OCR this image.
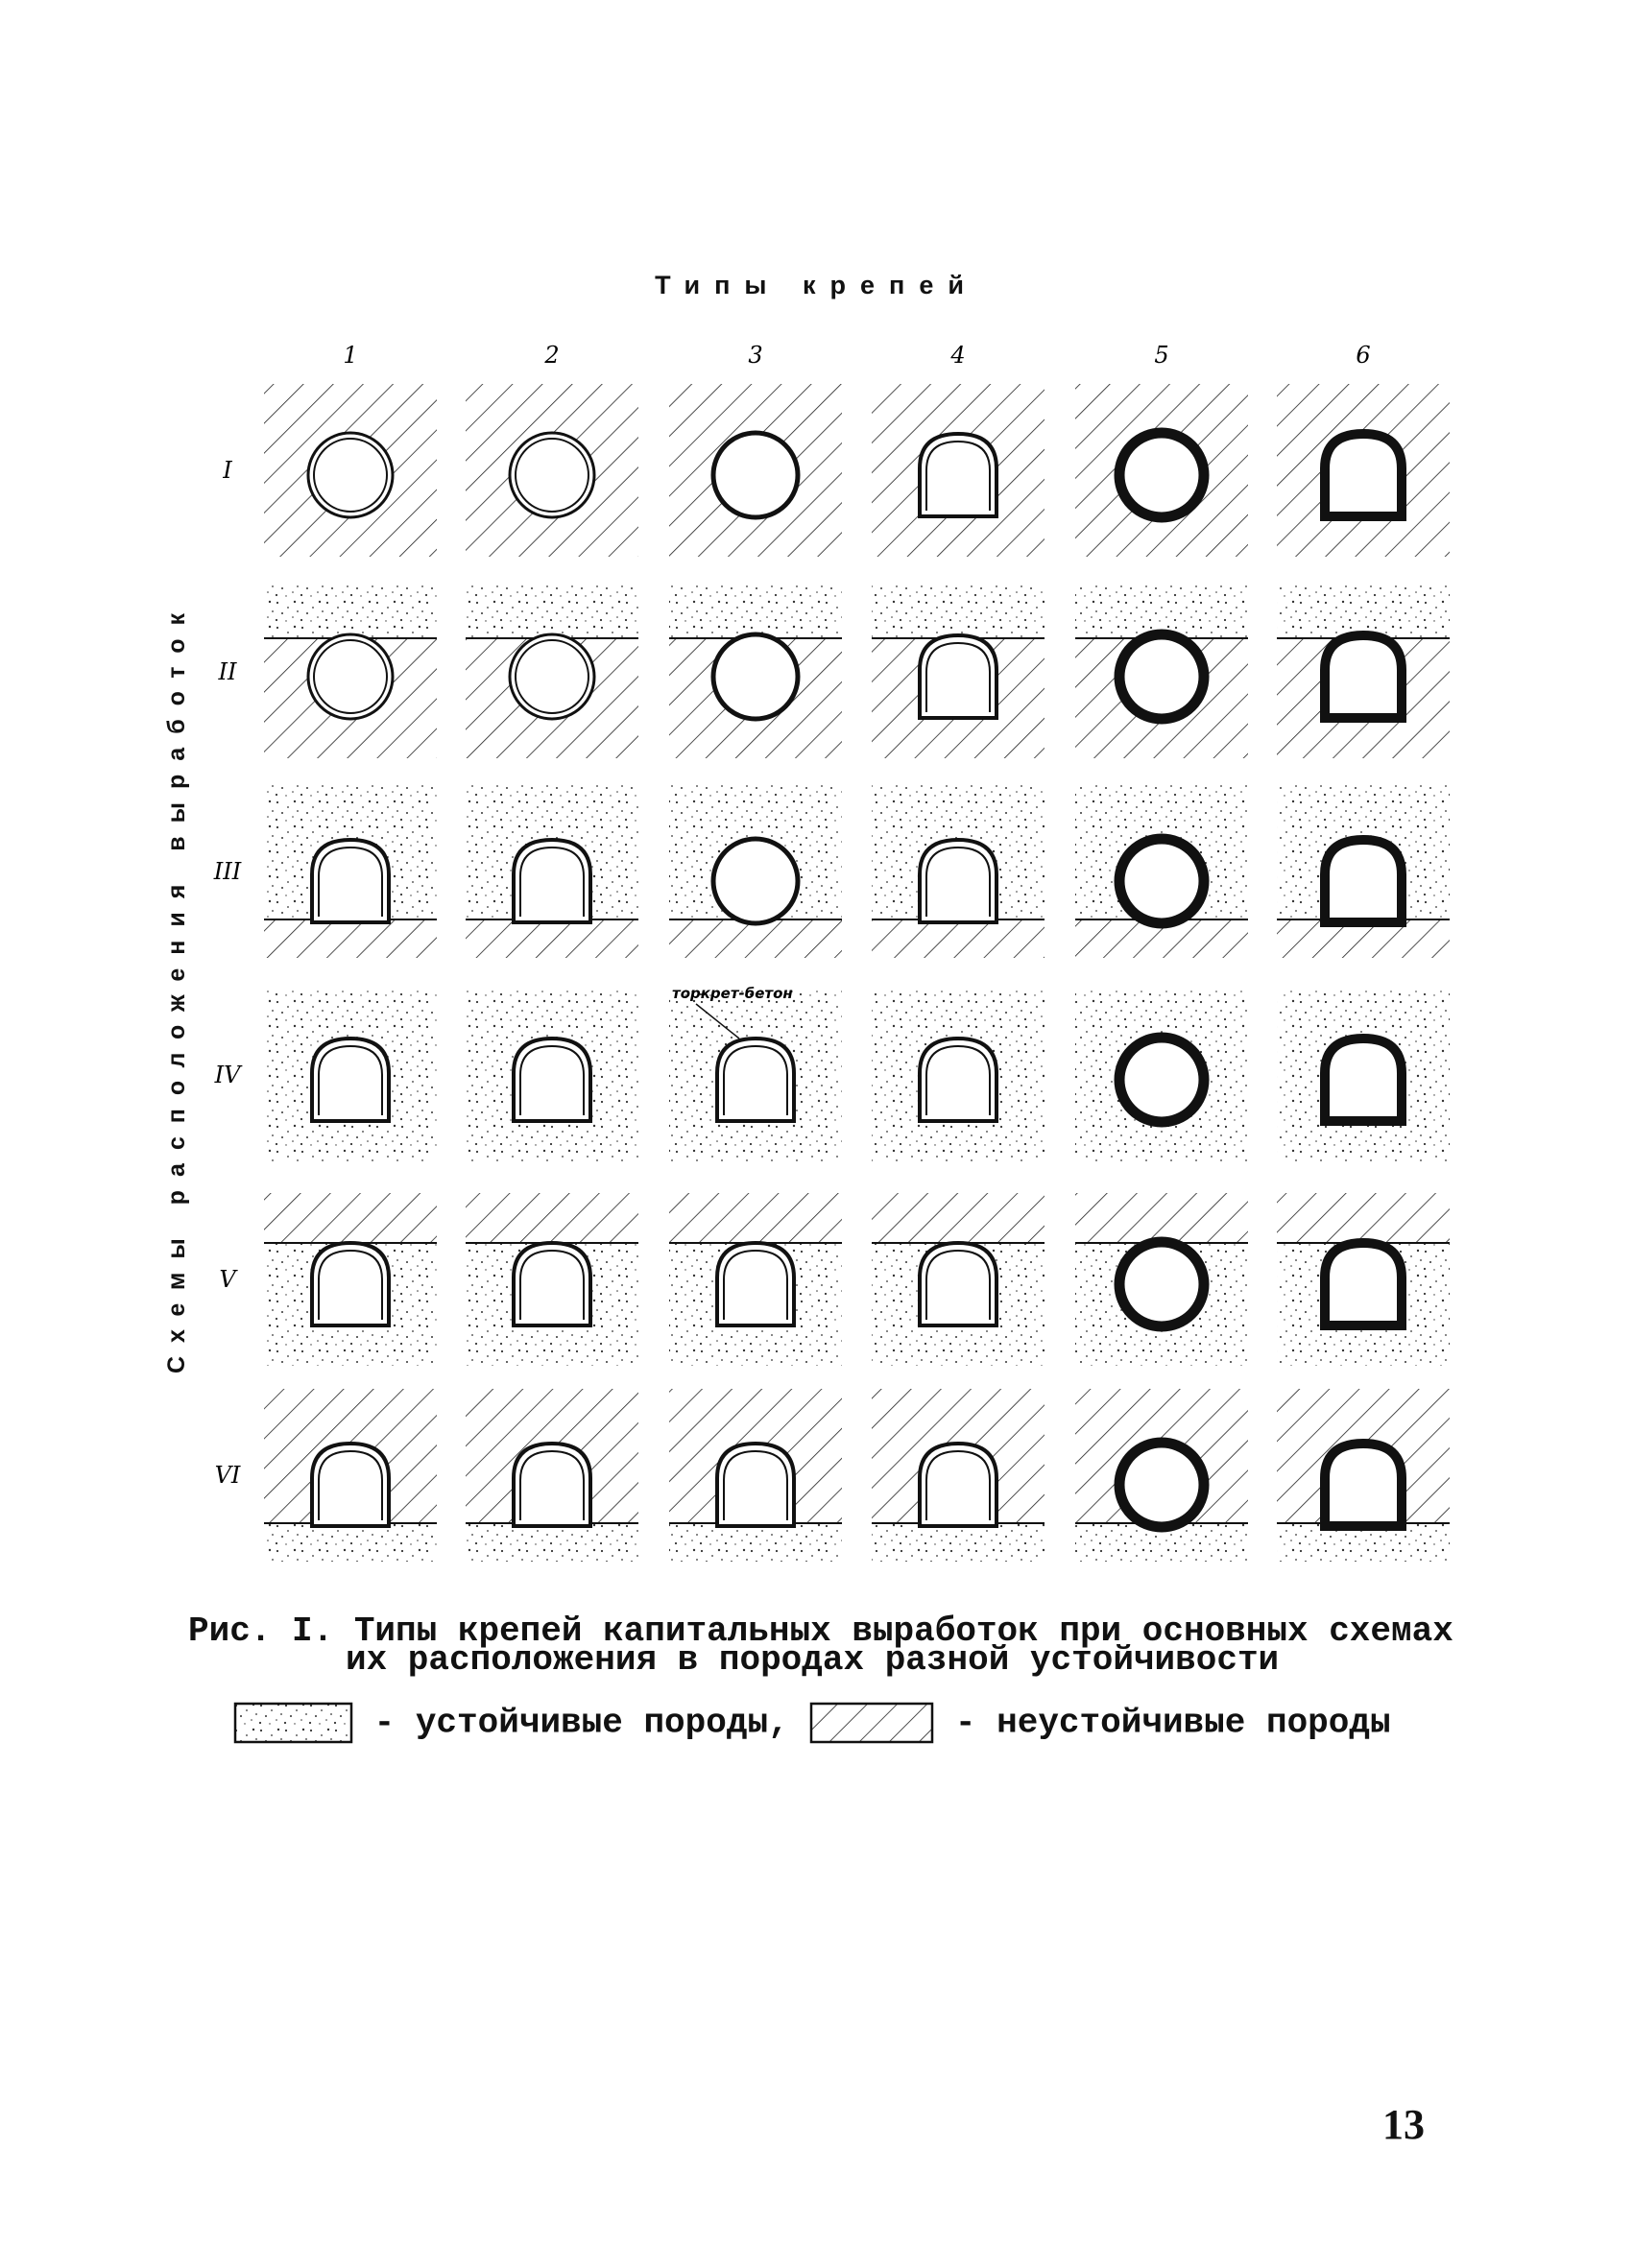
Типы крепей
Схемы расположения выработок
1	2	3	4	5	6
I
II
III
IV
V
VI
торкрет-бетон
Рис. I. Типы крепей капитальных выработок при основных схемах
их расположения в породах разной устойчивости
- устойчивые породы,	- неустойчивые породы
13
